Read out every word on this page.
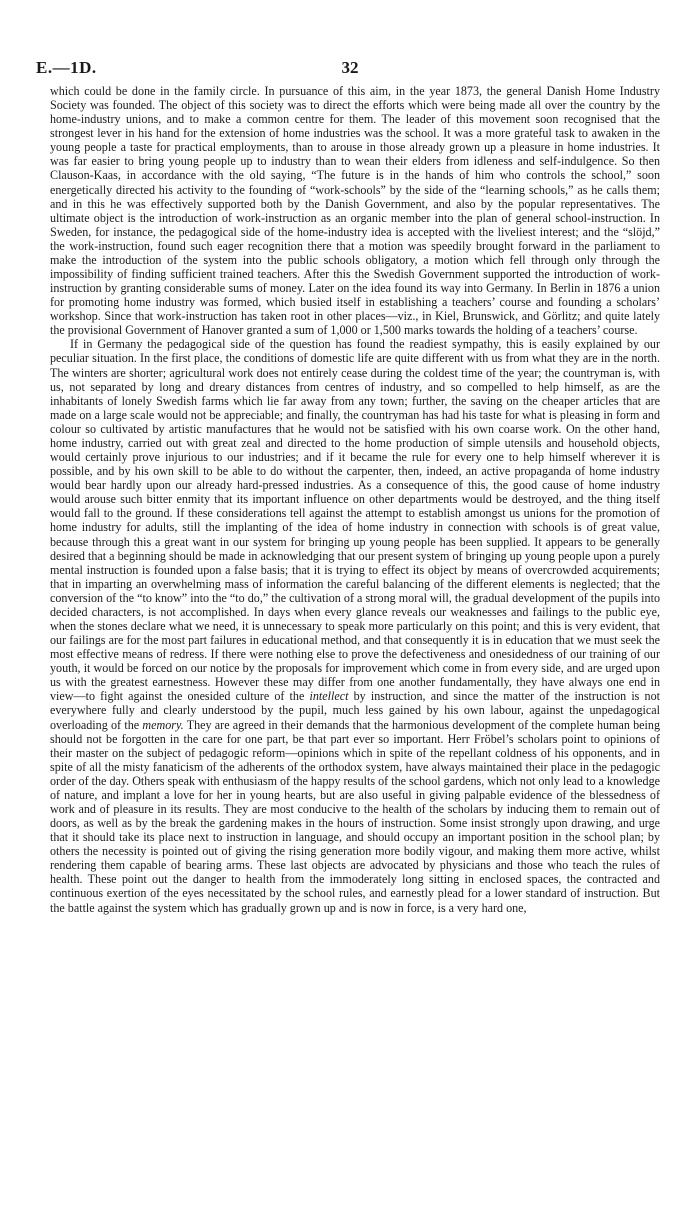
E.—1D.	32

which could be done in the family circle. In pursuance of this aim, in the year 1873, the general Danish Home Industry Society was founded. The object of this society was to direct the efforts which were being made all over the country by the home-industry unions, and to make a common centre for them. The leader of this movement soon recognised that the strongest lever in his hand for the extension of home industries was the school. It was a more grateful task to awaken in the young people a taste for practical employments, than to arouse in those already grown up a pleasure in home industries. It was far easier to bring young people up to industry than to wean their elders from idleness and self-indulgence. So then Clauson-Kaas, in accordance with the old saying, “The future is in the hands of him who controls the school,” soon energetically directed his activity to the founding of “work-schools” by the side of the “learning schools,” as he calls them; and in this he was effectively supported both by the Danish Government, and also by the popular representatives. The ultimate object is the introduction of work-instruction as an organic member into the plan of general school-instruction. In Sweden, for instance, the pedagogical side of the home-industry idea is accepted with the liveliest interest; and the “slöjd,” the work-instruction, found such eager recognition there that a motion was speedily brought forward in the parliament to make the introduction of the system into the public schools obligatory, a motion which fell through only through the impossibility of finding sufficient trained teachers. After this the Swedish Government supported the introduction of work-instruction by granting considerable sums of money. Later on the idea found its way into Germany. In Berlin in 1876 a union for promoting home industry was formed, which busied itself in establishing a teachers’ course and founding a scholars’ workshop. Since that work-instruction has taken root in other places—viz., in Kiel, Brunswick, and Görlitz; and quite lately the provisional Government of Hanover granted a sum of 1,000 or 1,500 marks towards the holding of a teachers’ course.

If in Germany the pedagogical side of the question has found the readiest sympathy, this is easily explained by our peculiar situation. In the first place, the conditions of domestic life are quite different with us from what they are in the north. The winters are shorter; agricultural work does not entirely cease during the coldest time of the year; the countryman is, with us, not separated by long and dreary distances from centres of industry, and so compelled to help himself, as are the inhabitants of lonely Swedish farms which lie far away from any town; further, the saving on the cheaper articles that are made on a large scale would not be appreciable; and finally, the countryman has had his taste for what is pleasing in form and colour so cultivated by artistic manufactures that he would not be satisfied with his own coarse work. On the other hand, home industry, carried out with great zeal and directed to the home production of simple utensils and household objects, would certainly prove injurious to our industries; and if it became the rule for every one to help himself wherever it is possible, and by his own skill to be able to do without the carpenter, then, indeed, an active propaganda of home industry would bear hardly upon our already hard-pressed industries. As a consequence of this, the good cause of home industry would arouse such bitter enmity that its important influence on other departments would be destroyed, and the thing itself would fall to the ground. If these considerations tell against the attempt to establish amongst us unions for the promotion of home industry for adults, still the implanting of the idea of home industry in connection with schools is of great value, because through this a great want in our system for bringing up young people has been supplied. It appears to be generally desired that a beginning should be made in acknowledging that our present system of bringing up young people upon a purely mental instruction is founded upon a false basis; that it is trying to effect its object by means of overcrowded acquirements; that in imparting an overwhelming mass of information the careful balancing of the different elements is neglected; that the conversion of the “to know” into the “to do,” the cultivation of a strong moral will, the gradual development of the pupils into decided characters, is not accomplished. In days when every glance reveals our weaknesses and failings to the public eye, when the stones declare what we need, it is unnecessary to speak more particularly on this point; and this is very evident, that our failings are for the most part failures in educational method, and that consequently it is in education that we must seek the most effective means of redress. If there were nothing else to prove the defectiveness and onesidedness of our training of our youth, it would be forced on our notice by the proposals for improvement which come in from every side, and are urged upon us with the greatest earnestness. However these may differ from one another fundamentally, they have always one end in view—to fight against the onesided culture of the intellect by instruction, and since the matter of the instruction is not everywhere fully and clearly understood by the pupil, much less gained by his own labour, against the unpedagogical overloading of the memory. They are agreed in their demands that the harmonious development of the complete human being should not be forgotten in the care for one part, be that part ever so important. Herr Fröbel’s scholars point to opinions of their master on the subject of pedagogic reform—opinions which in spite of the repellant coldness of his opponents, and in spite of all the misty fanaticism of the adherents of the orthodox system, have always maintained their place in the pedagogic order of the day. Others speak with enthusiasm of the happy results of the school gardens, which not only lead to a knowledge of nature, and implant a love for her in young hearts, but are also useful in giving palpable evidence of the blessedness of work and of pleasure in its results. They are most conducive to the health of the scholars by inducing them to remain out of doors, as well as by the break the gardening makes in the hours of instruction. Some insist strongly upon drawing, and urge that it should take its place next to instruction in language, and should occupy an important position in the school plan; by others the necessity is pointed out of giving the rising generation more bodily vigour, and making them more active, whilst rendering them capable of bearing arms. These last objects are advocated by physicians and those who teach the rules of health. These point out the danger to health from the immoderately long sitting in enclosed spaces, the contracted and continuous exertion of the eyes necessitated by the school rules, and earnestly plead for a lower standard of instruction. But the battle against the system which has gradually grown up and is now in force, is a very hard one,
